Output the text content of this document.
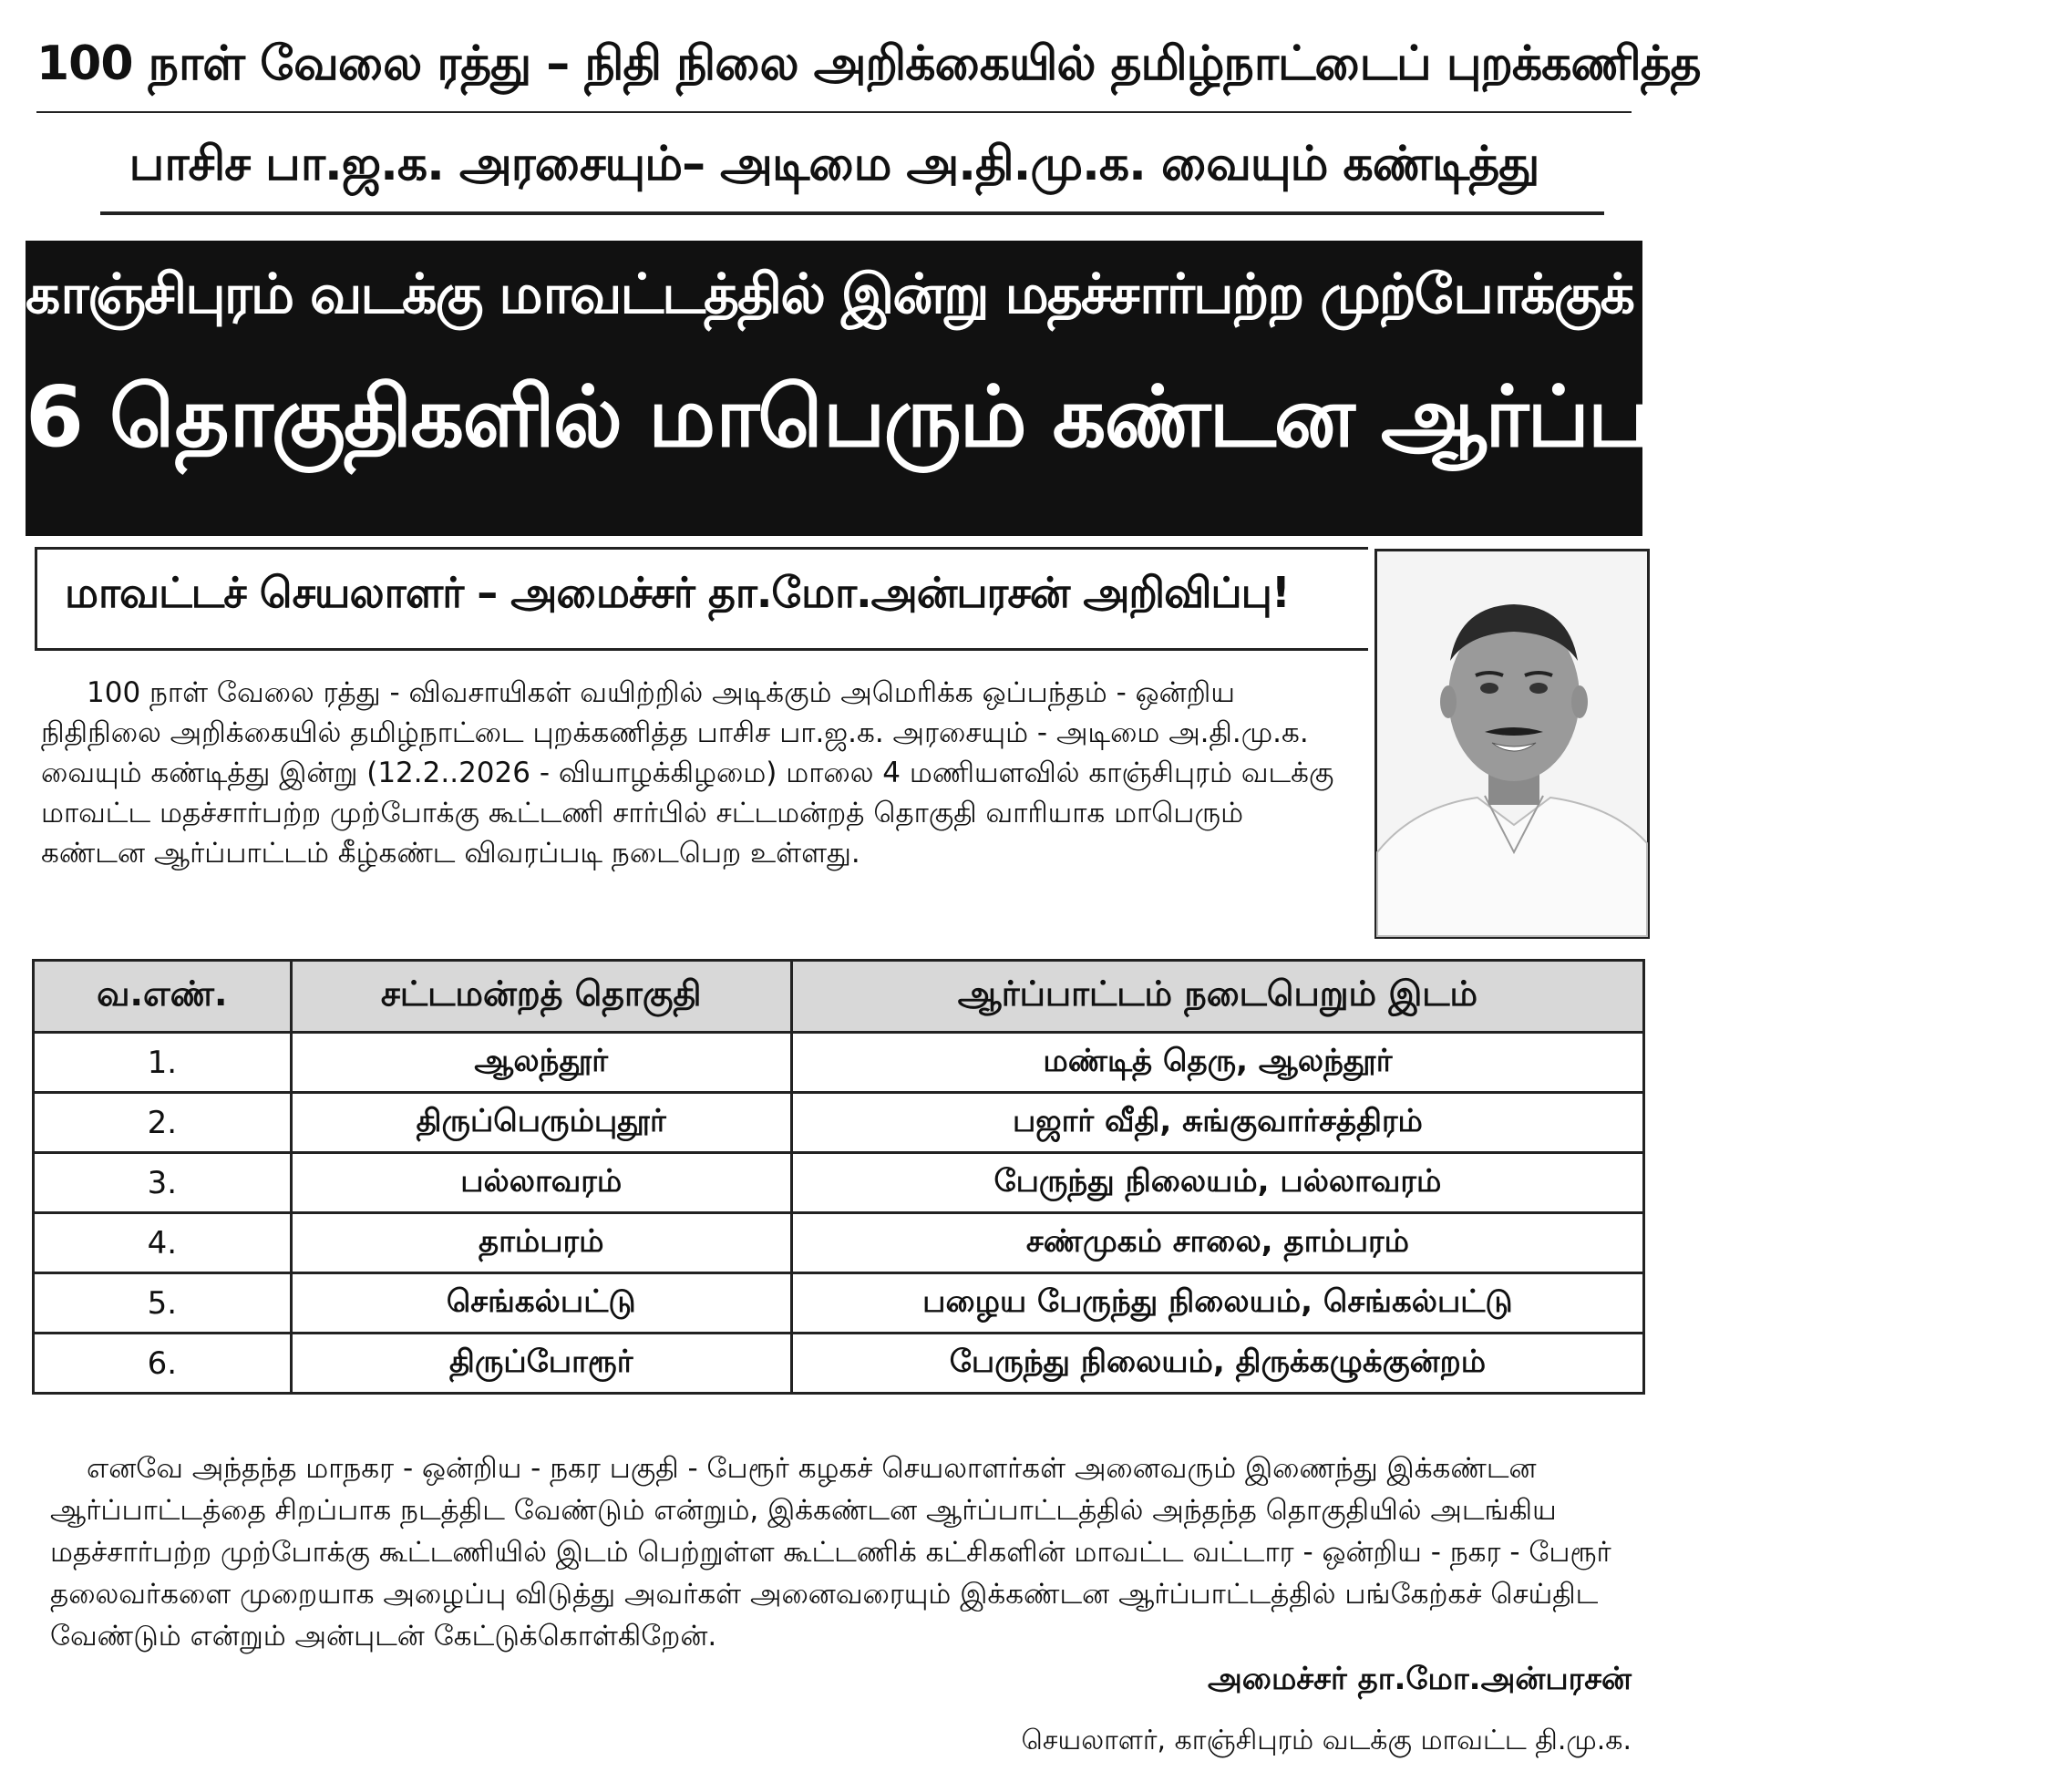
100 நாள் வேலை ரத்து – நிதி நிலை அறிக்கையில் தமிழ்நாட்டைப் புறக்கணித்த
பாசிச பா.ஜ.க. அரசையும்– அடிமை அ.தி.மு.க. வையும் கண்டித்து
காஞ்சிபுரம் வடக்கு மாவட்டத்தில் இன்று மதச்சார்பற்ற முற்போக்குக் கூட்டணி சார்பில்
6 தொகுதிகளில் மாபெரும் கண்டன ஆர்ப்பாட்டம்!
மாவட்டச் செயலாளர் – அமைச்சர் தா.மோ.அன்பரசன் அறிவிப்பு!

100 நாள் வேலை ரத்து - விவசாயிகள் வயிற்றில் அடிக்கும் அமெரிக்க ஒப்பந்தம் - ஒன்றிய நிதிநிலை அறிக்கையில் தமிழ்நாட்டை புறக்கணித்த பாசிச பா.ஜ.க. அரசையும் - அடிமை அ.தி.மு.க. வையும் கண்டித்து இன்று (12.2..2026 - வியாழக்கிழமை) மாலை 4 மணியளவில் காஞ்சிபுரம் வடக்கு மாவட்ட மதச்சார்பற்ற முற்போக்கு கூட்டணி சார்பில் சட்டமன்றத் தொகுதி வாரியாக மாபெரும் கண்டன ஆர்ப்பாட்டம் கீழ்கண்ட விவரப்படி நடைபெற உள்ளது.

வ.எண்.	சட்டமன்றத் தொகுதி	ஆர்ப்பாட்டம் நடைபெறும் இடம்
1.	ஆலந்தூர்	மண்டித் தெரு, ஆலந்தூர்
2.	திருப்பெரும்புதூர்	பஜார் வீதி, சுங்குவார்சத்திரம்
3.	பல்லாவரம்	பேருந்து நிலையம், பல்லாவரம்
4.	தாம்பரம்	சண்முகம் சாலை, தாம்பரம்
5.	செங்கல்பட்டு	பழைய பேருந்து நிலையம், செங்கல்பட்டு
6.	திருப்போரூர்	பேருந்து நிலையம், திருக்கழுக்குன்றம்

எனவே அந்தந்த மாநகர - ஒன்றிய - நகர பகுதி - பேரூர் கழகச் செயலாளர்கள் அனைவரும் இணைந்து இக்கண்டன ஆர்ப்பாட்டத்தை சிறப்பாக நடத்திட வேண்டும் என்றும், இக்கண்டன ஆர்ப்பாட்டத்தில் அந்தந்த தொகுதியில் அடங்கிய மதச்சார்பற்ற முற்போக்கு கூட்டணியில் இடம் பெற்றுள்ள கூட்டணிக் கட்சிகளின் மாவட்ட வட்டார - ஒன்றிய - நகர - பேரூர் தலைவர்களை முறையாக அழைப்பு விடுத்து அவர்கள் அனைவரையும் இக்கண்டன ஆர்ப்பாட்டத்தில் பங்கேற்கச் செய்திட வேண்டும் என்றும் அன்புடன் கேட்டுக்கொள்கிறேன்.

அமைச்சர் தா.மோ.அன்பரசன்
செயலாளர், காஞ்சிபுரம் வடக்கு மாவட்ட தி.மு.க.
